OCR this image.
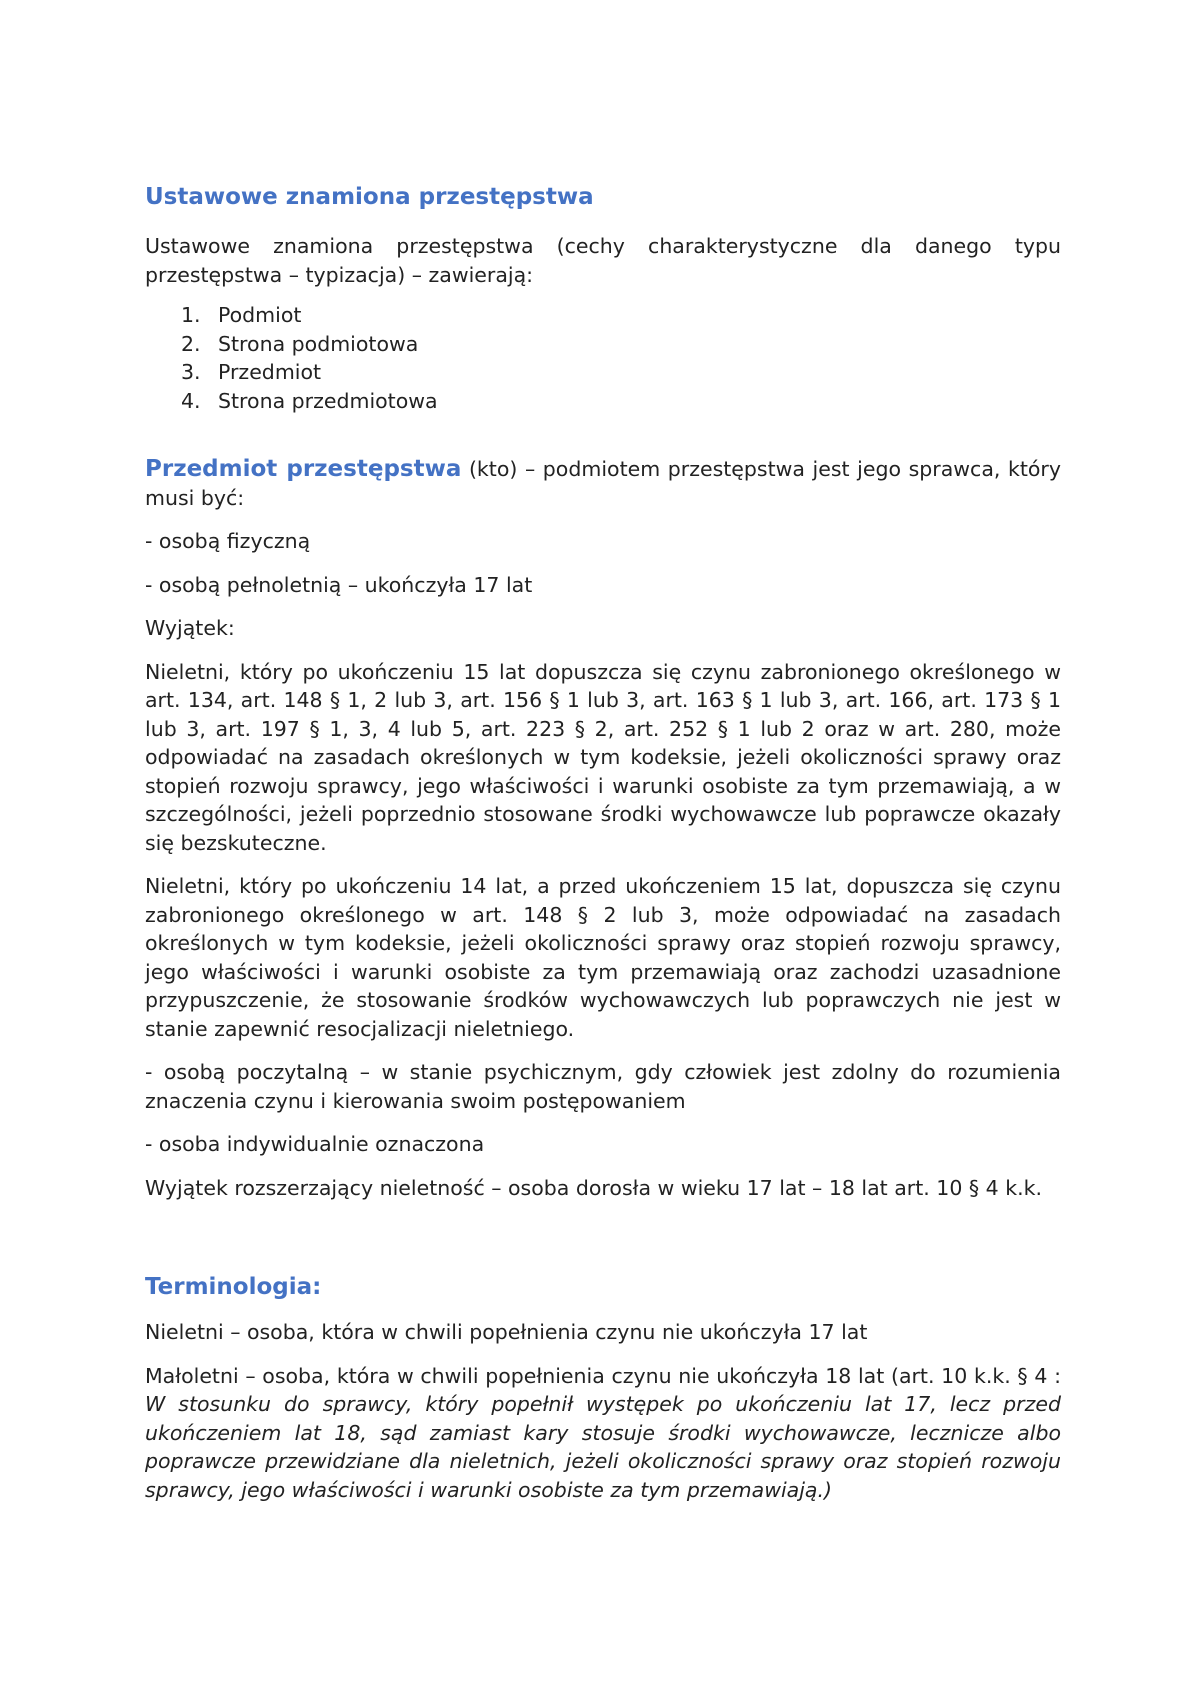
Ustawowe znamiona przestępstwa

Ustawowe znamiona przestępstwa (cechy charakterystyczne dla danego typu przestępstwa – typizacja) – zawierają:

1. Podmiot
2. Strona podmiotowa
3. Przedmiot
4. Strona przedmiotowa

Przedmiot przestępstwa (kto) – podmiotem przestępstwa jest jego sprawca, który musi być:

- osobą fizyczną

- osobą pełnoletnią – ukończyła 17 lat

Wyjątek:

Nieletni, który po ukończeniu 15 lat dopuszcza się czynu zabronionego określonego w art. 134, art. 148 § 1, 2 lub 3, art. 156 § 1 lub 3, art. 163 § 1 lub 3, art. 166, art. 173 § 1 lub 3, art. 197 § 1, 3, 4 lub 5, art. 223 § 2, art. 252 § 1 lub 2 oraz w art. 280, może odpowiadać na zasadach określonych w tym kodeksie, jeżeli okoliczności sprawy oraz stopień rozwoju sprawcy, jego właściwości i warunki osobiste za tym przemawiają, a w szczególności, jeżeli poprzednio stosowane środki wychowawcze lub poprawcze okazały się bezskuteczne.

Nieletni, który po ukończeniu 14 lat, a przed ukończeniem 15 lat, dopuszcza się czynu zabronionego określonego w art. 148 § 2 lub 3, może odpowiadać na zasadach określonych w tym kodeksie, jeżeli okoliczności sprawy oraz stopień rozwoju sprawcy, jego właściwości i warunki osobiste za tym przemawiają oraz zachodzi uzasadnione przypuszczenie, że stosowanie środków wychowawczych lub poprawczych nie jest w stanie zapewnić resocjalizacji nieletniego.

- osobą poczytalną – w stanie psychicznym, gdy człowiek jest zdolny do rozumienia znaczenia czynu i kierowania swoim postępowaniem

- osoba indywidualnie oznaczona

Wyjątek rozszerzający nieletność – osoba dorosła w wieku 17 lat – 18 lat art. 10 § 4 k.k.

Terminologia:

Nieletni – osoba, która w chwili popełnienia czynu nie ukończyła 17 lat

Małoletni – osoba, która w chwili popełnienia czynu nie ukończyła 18 lat (art. 10 k.k. § 4 : W stosunku do sprawcy, który popełnił występek po ukończeniu lat 17, lecz przed ukończeniem lat 18, sąd zamiast kary stosuje środki wychowawcze, lecznicze albo poprawcze przewidziane dla nieletnich, jeżeli okoliczności sprawy oraz stopień rozwoju sprawcy, jego właściwości i warunki osobiste za tym przemawiają.)
